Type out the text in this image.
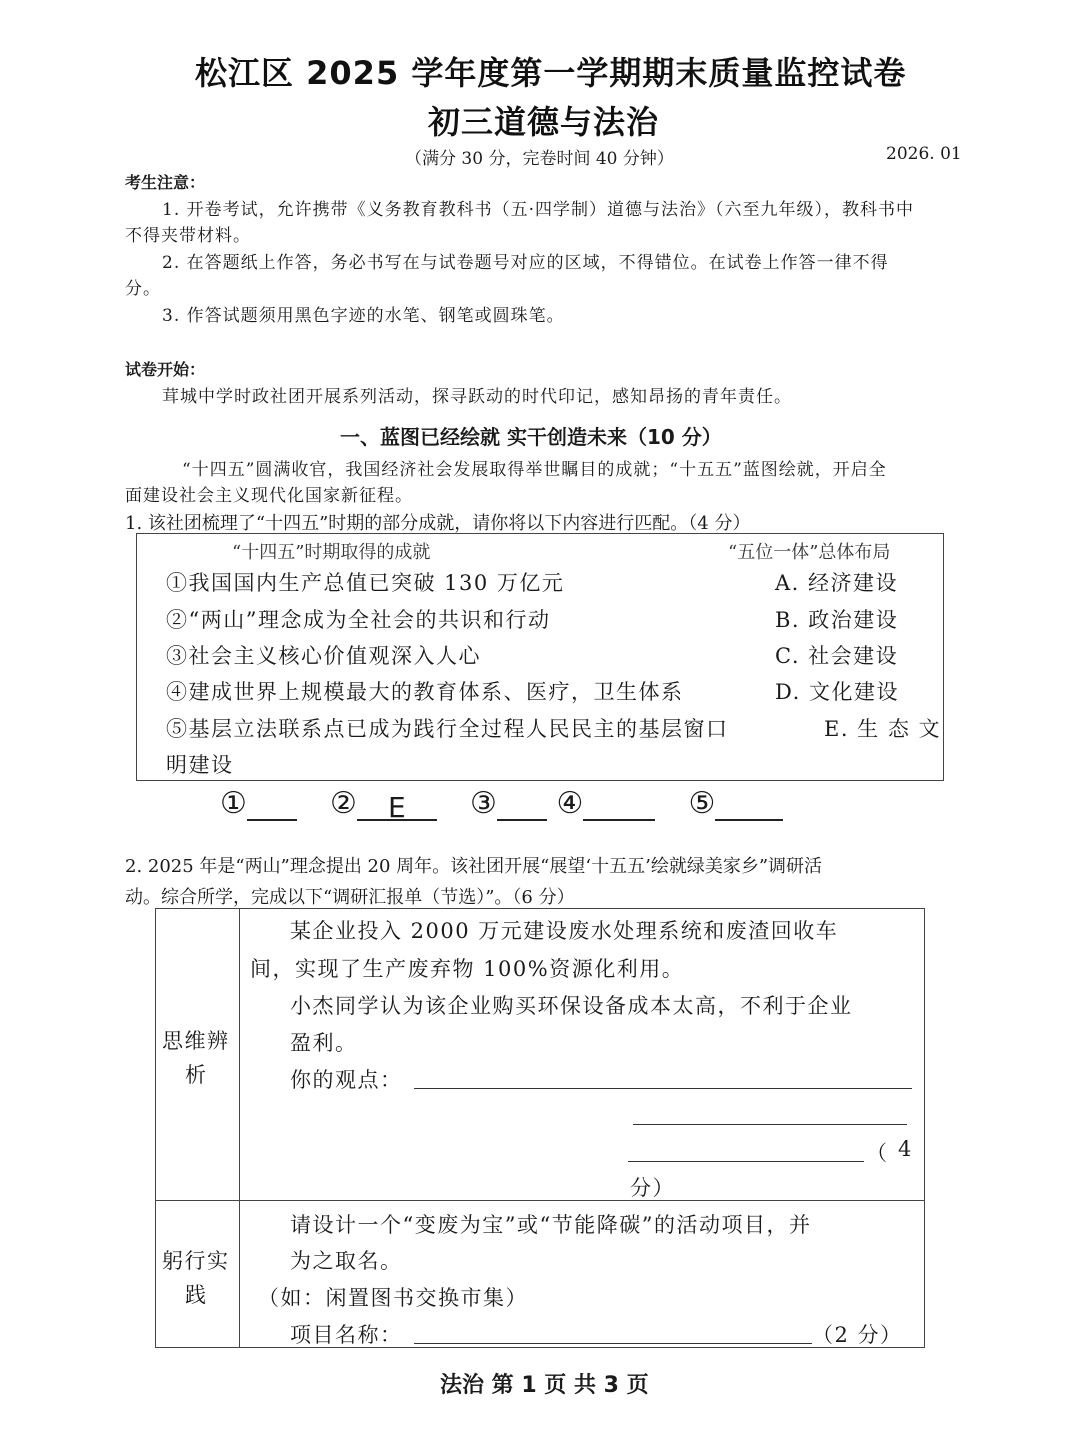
松江区 2025 学年度第一学期期末质量监控试卷
初三道德与法治
（满分 30 分，完卷时间 40 分钟）	2026. 01
考生注意：
1. 开卷考试，允许携带《义务教育教科书（五·四学制）道德与法治》（六至九年级），教科书中
不得夹带材料。
2. 在答题纸上作答，务必书写在与试卷题号对应的区域，不得错位。在试卷上作答一律不得
分。
3. 作答试题须用黑色字迹的水笔、钢笔或圆珠笔。
试卷开始：
茸城中学时政社团开展系列活动，探寻跃动的时代印记，感知昂扬的青年责任。
一、蓝图已经绘就 实干创造未来（10 分）
“十四五”圆满收官，我国经济社会发展取得举世瞩目的成就；“十五五”蓝图绘就，开启全
面建设社会主义现代化国家新征程。
1. 该社团梳理了“十四五”时期的部分成就，请你将以下内容进行匹配。（4 分）
“十四五”时期取得的成就	“五位一体”总体布局
①我国国内生产总值已突破 130 万亿元	A. 经济建设
②“两山”理念成为全社会的共识和行动	B. 政治建设
③社会主义核心价值观深入人心	C. 社会建设
④建成世界上规模最大的教育体系、医疗，卫生体系	D. 文化建设
⑤基层立法联系点已成为践行全过程人民民主的基层窗口	E. 生 态 文
明建设
①	② E ③ ④	⑤
2. 2025 年是“两山”理念提出 20 周年。该社团开展“展望‘十五五’绘就绿美家乡”调研活
动。综合所学，完成以下“调研汇报单（节选）”。（6 分）
思维辨
析
某企业投入 2000 万元建设废水处理系统和废渣回收车
间，实现了生产废弃物 100%资源化利用。
小杰同学认为该企业购买环保设备成本太高，不利于企业
盈利。
你的观点：
（ 4
分）
躬行实
践
请设计一个“变废为宝”或“节能降碳”的活动项目，并
为之取名。
（如：闲置图书交换市集）
项目名称：	（2 分）
法治 第 1 页 共 3 页
